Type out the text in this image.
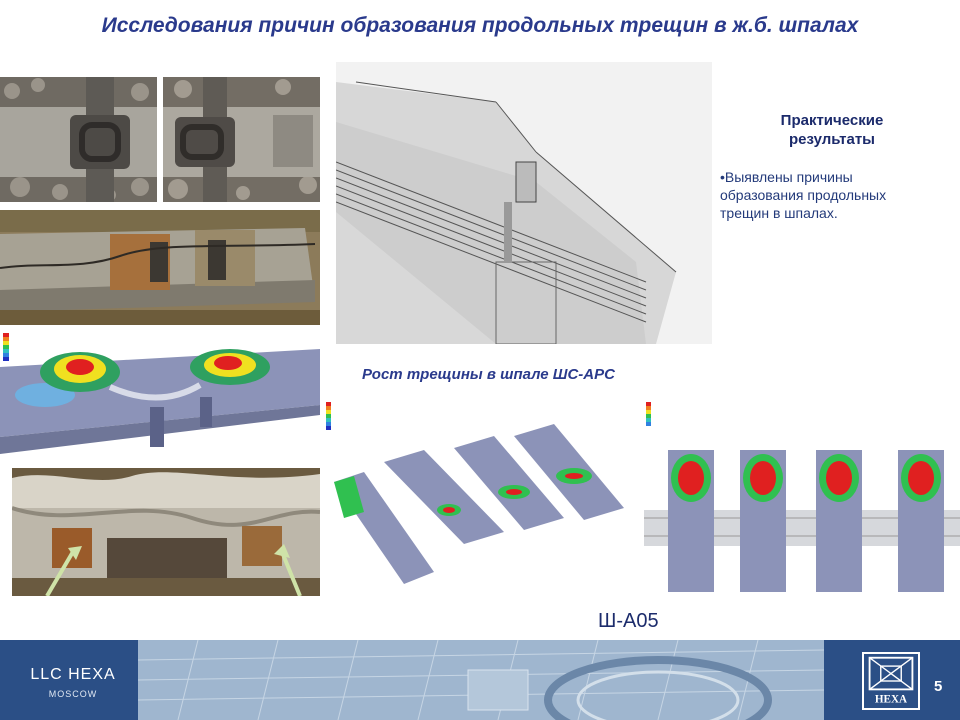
Исследования причин образования продольных трещин в ж.б. шпалах
Практические результаты
•Выявлены причины образования продольных трещин в шпалах.
Рост трещины в шпале ШС-АРС
Ш-А05
LLC HEXA
MOSCOW	HEXA
5
